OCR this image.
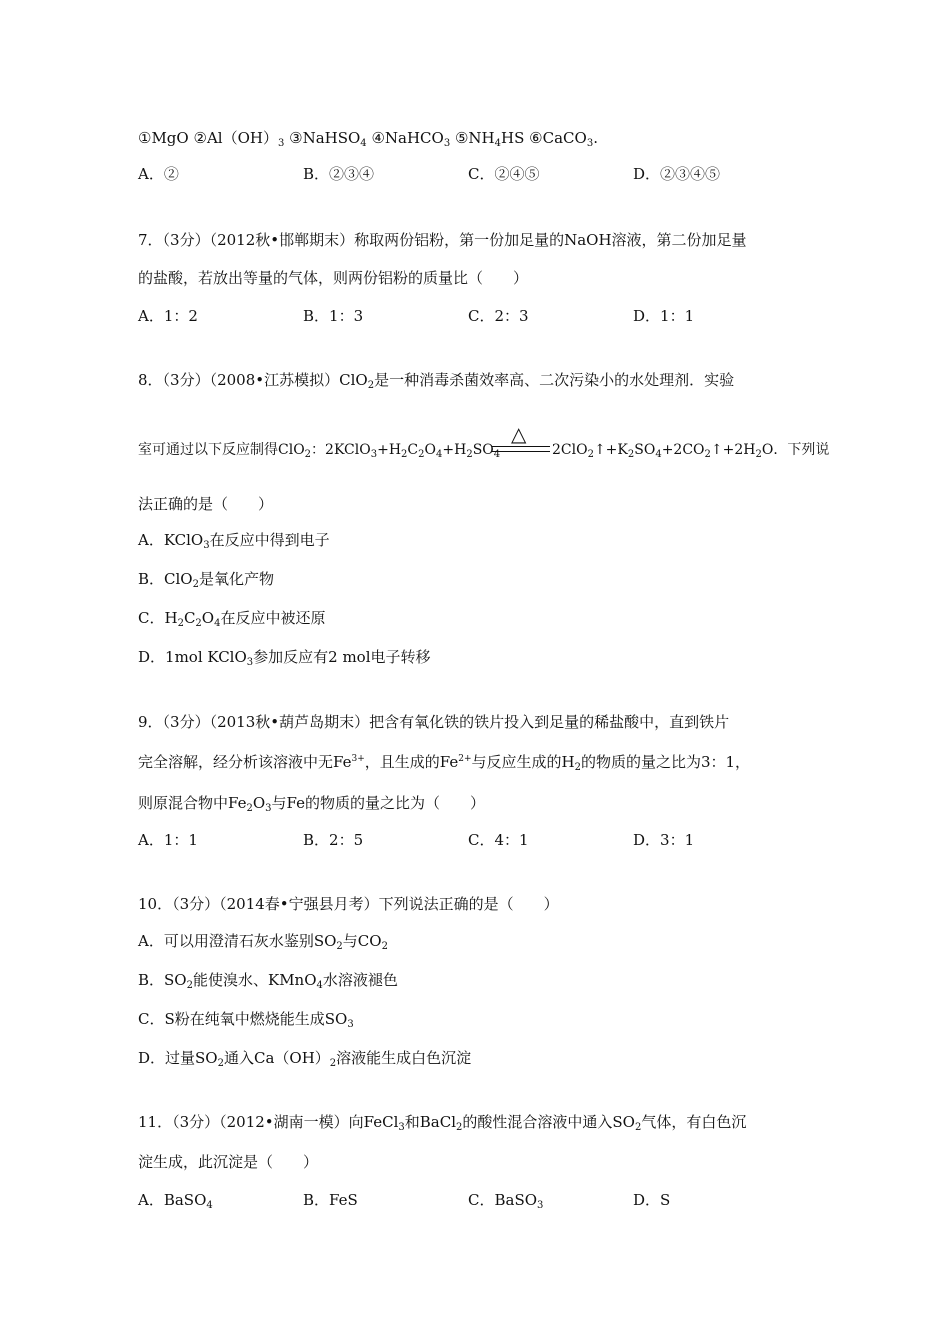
①MgO $②Al(OH)_3$ ③NaHSO$_4$ ④NaHCO$_3$ $⑤NH_4HS$ ⑥CaCO$_3$.
A．②	B．②③④	C．②④⑤	D．②③④⑤
7．（3分）（2012秋•邯郸期末）称取两份铝粉，第一份加足量的NaOH溶液，第二份加足量
的盐酸，若放出等量的气体，则两份铝粉的质量比（　　）
A．1：2	B．1：3	C．2：3	D．1：1
8．（3分）（2008•江苏模拟）ClO$_2$是一种消毒杀菌效率高、二次污染小的水处理剂．实验
△
室可通过以下反应制得ClO$_2$：$2KClO_3+H_2C_2O_4+H_2SO_4$	$2ClO_2↑+K_2SO_4+2CO_2↑+2H_2O$．下列说
法正确的是（　　）
A．KClO$_3$在反应中得到电子
B．ClO$_2$是氧化产物
C．$H_2C_2O_4$在反应中被还原
D．1mol KClO$_3$参加反应有2 mol电子转移
9．（3分）（2013秋•葫芦岛期末）把含有氧化铁的铁片投入到足量的稀盐酸中，直到铁片
完全溶解，经分析该溶液中无$Fe^{3+}$，且生成的$Fe^{2+}$与反应生成的$H_2$的物质的量之比为3：1，
则原混合物中$Fe_2O_3$与Fe的物质的量之比为（　　）
A．1：1	B．2：5	C．4：1	D．3：1
10．（3分）（2014春•宁强县月考）下列说法正确的是（　　）
A．可以用澄清石灰水鉴别$SO_2$与$CO_2$
B．$SO_2$能使溴水、KMnO$_4$水溶液褪色
C．S粉在纯氧中燃烧能生成$SO_3$
D．过量$SO_2$通入$Ca(OH)_2$溶液能生成白色沉淀
11．（3分）（2012•湖南一模）向FeCl$_3$和BaCl$_2$的酸性混合溶液中通入$SO_2$气体，有白色沉
淀生成，此沉淀是（　　）
A．BaSO$_4$	B．FeS	C．BaSO$_3$	D．S
